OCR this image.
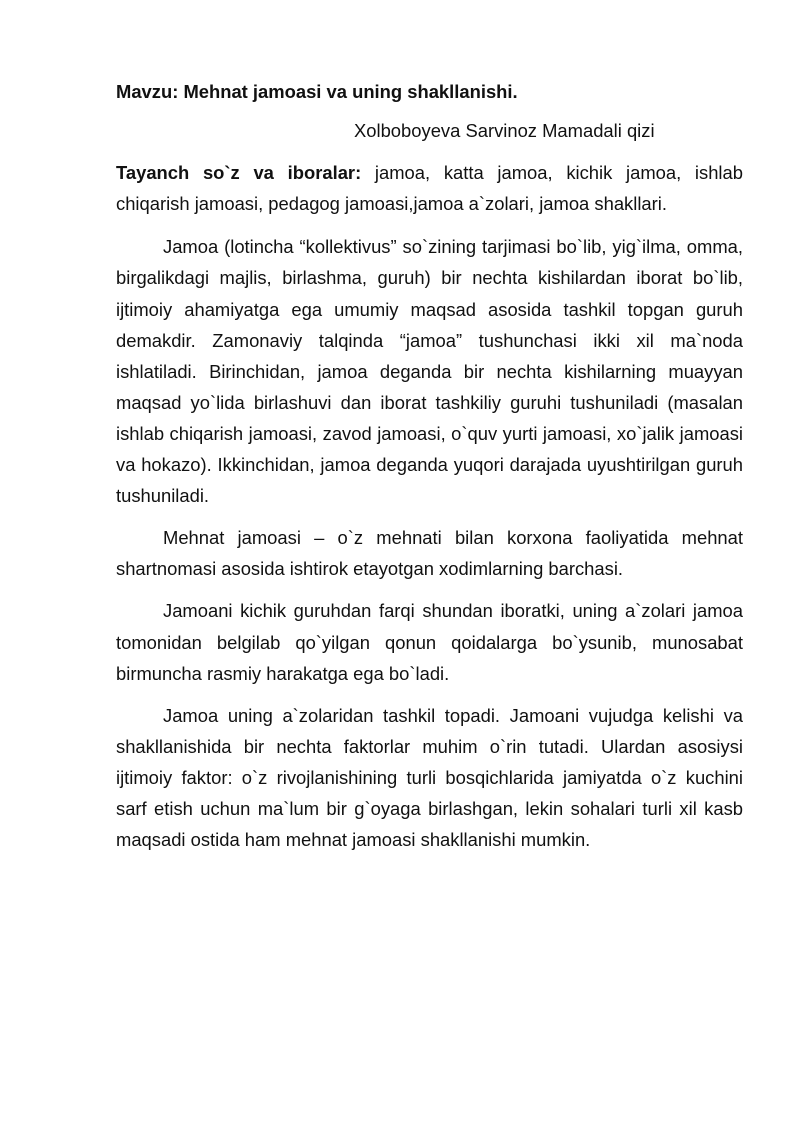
Mavzu: Mehnat jamoasi va uning shakllanishi.

Xolboboyeva Sarvinoz Mamadali qizi

Tayanch so`z va iboralar: jamoa, katta jamoa, kichik jamoa, ishlab chiqarish jamoasi, pedagog jamoasi,jamoa a`zolari, jamoa shakllari.

Jamoa (lotincha “kollektivus” so`zining tarjimasi bo`lib, yig`ilma, omma, birgalikdagi majlis, birlashma, guruh) bir nechta kishilardan iborat bo`lib, ijtimoiy ahamiyatga ega umumiy maqsad asosida tashkil topgan guruh demakdir. Zamonaviy talqinda “jamoa” tushunchasi ikki xil ma`noda ishlatiladi. Birinchidan, jamoa deganda bir nechta kishilarning muayyan maqsad yo`lida birlashuvi dan iborat tashkiliy guruhi tushuniladi (masalan ishlab chiqarish jamoasi, zavod jamoasi, o`quv yurti jamoasi, xo`jalik jamoasi va hokazo). Ikkinchidan, jamoa deganda yuqori darajada uyushtirilgan guruh tushuniladi.

Mehnat jamoasi – o`z mehnati bilan korxona faoliyatida mehnat shartnomasi asosida ishtirok etayotgan xodimlarning barchasi.

Jamoani kichik guruhdan farqi shundan iboratki, uning a`zolari jamoa tomonidan belgilab qo`yilgan qonun qoidalarga bo`ysunib, munosabat birmuncha rasmiy harakatga ega bo`ladi.

Jamoa uning a`zolaridan tashkil topadi. Jamoani vujudga kelishi va shakllanishida bir nechta faktorlar muhim o`rin tutadi. Ulardan asosiysi ijtimoiy faktor: o`z rivojlanishining turli bosqichlarida jamiyatda o`z kuchini sarf etish uchun ma`lum bir g`oyaga birlashgan, lekin sohalari turli xil kasb maqsadi ostida ham mehnat jamoasi shakllanishi mumkin.
